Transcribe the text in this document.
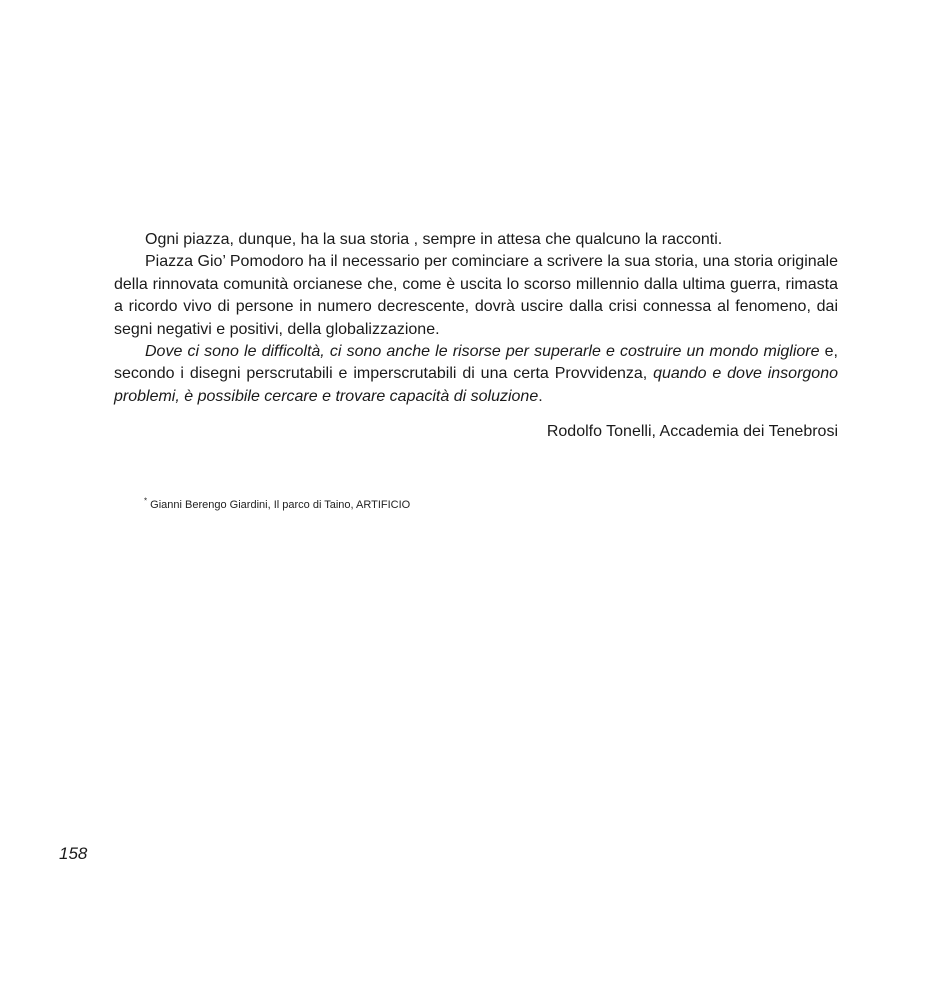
Ogni piazza, dunque, ha la sua storia , sempre in attesa che qualcuno la racconti.

Piazza Gio’ Pomodoro ha il necessario per cominciare a scrivere la sua storia, una storia originale della rinnovata comunità orcianese che, come è uscita lo scorso millennio dalla ultima guerra, rimasta a ricordo vivo di persone in numero decrescente, dovrà uscire dalla crisi connessa al fenomeno, dai segni negativi e positivi, della globalizzazione.

Dove ci sono le difficoltà, ci sono anche le risorse per superarle e costruire un mondo migliore e, secondo i disegni perscrutabili e imperscrutabili di una certa Provvidenza, quando e dove insorgono problemi, è possibile cercare e trovare capacità di soluzione.

Rodolfo Tonelli, Accademia dei Tenebrosi

* Gianni Berengo Giardini, Il parco di Taino, ARTIFICIO
158
